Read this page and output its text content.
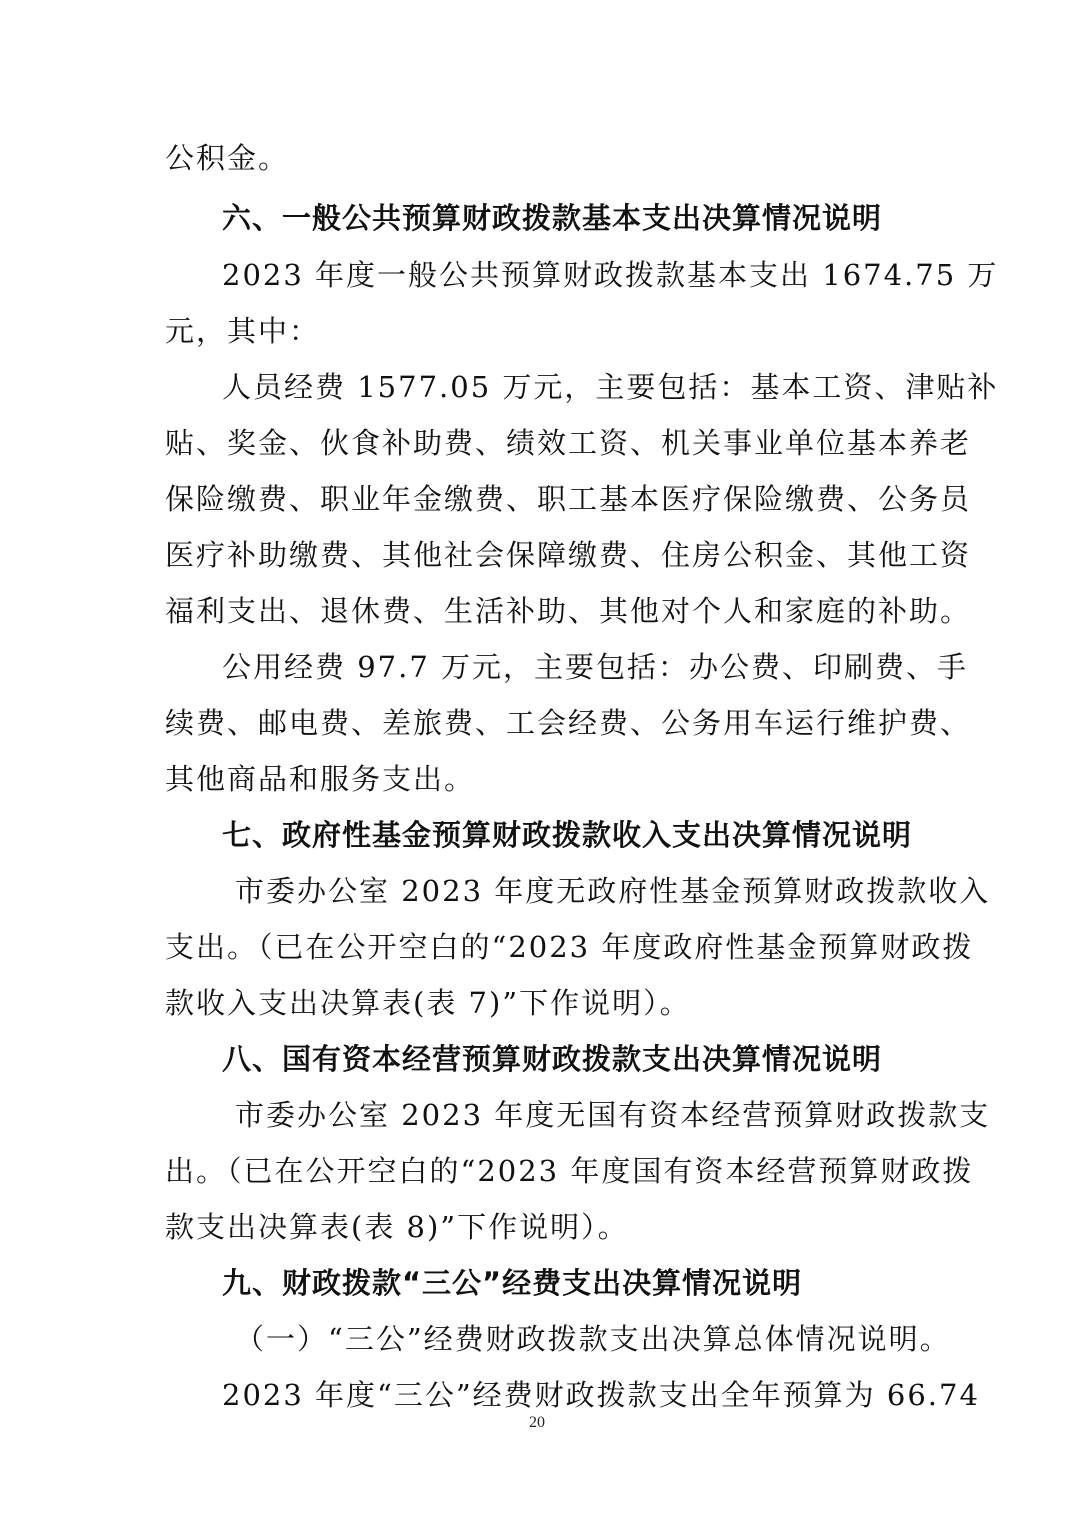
公积金。
六、一般公共预算财政拨款基本支出决算情况说明
2023 年度一般公共预算财政拨款基本支出 1674.75 万
元，其中：
人员经费 1577.05 万元，主要包括：基本工资、津贴补
贴、奖金、伙食补助费、绩效工资、机关事业单位基本养老
保险缴费、职业年金缴费、职工基本医疗保险缴费、公务员
医疗补助缴费、其他社会保障缴费、住房公积金、其他工资
福利支出、退休费、生活补助、其他对个人和家庭的补助。
公用经费 97.7 万元，主要包括：办公费、印刷费、手
续费、邮电费、差旅费、工会经费、公务用车运行维护费、
其他商品和服务支出。
七、政府性基金预算财政拨款收入支出决算情况说明
市委办公室 2023 年度无政府性基金预算财政拨款收入
支出。（已在公开空白的“2023 年度政府性基金预算财政拨
款收入支出决算表(表 7)”下作说明）。
八、国有资本经营预算财政拨款支出决算情况说明
市委办公室 2023 年度无国有资本经营预算财政拨款支
出。（已在公开空白的“2023 年度国有资本经营预算财政拨
款支出决算表(表 8)”下作说明）。
九、财政拨款“三公”经费支出决算情况说明
（一）“三公”经费财政拨款支出决算总体情况说明。
2023 年度“三公”经费财政拨款支出全年预算为 66.74
20
